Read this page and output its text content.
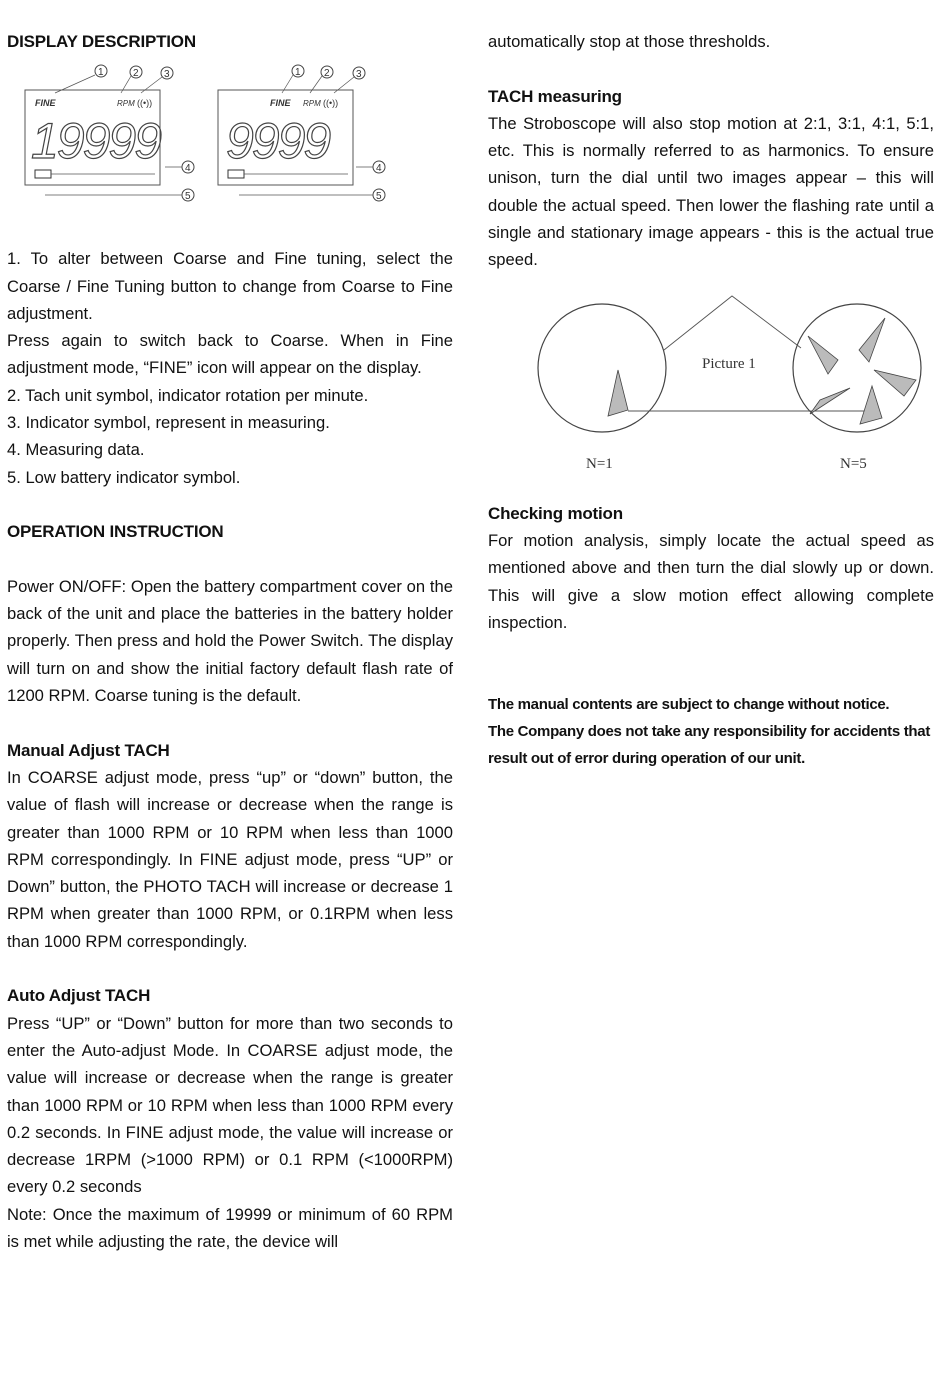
DISPLAY DESCRIPTION

FINE	RPM ((•))
19999
FINE RPM ((•))
9999
1	2	3
4
5
1 2	3
4
5

1. To alter between Coarse and Fine tuning, select the Coarse / Fine Tuning button to change from Coarse to Fine adjustment.

Press again to switch back to Coarse. When in Fine adjustment mode, “FINE” icon will appear on the display.

2. Tach unit symbol, indicator rotation per minute.

3. Indicator symbol, represent in measuring.

4. Measuring data.

5. Low battery indicator symbol.

OPERATION INSTRUCTION

Power ON/OFF: Open the battery compartment cover on the back of the unit and place the batteries in the battery holder properly. Then press and hold the Power Switch. The display will turn on and show the initial factory default flash rate of 1200 RPM. Coarse tuning is the default.

Manual Adjust TACH

In COARSE adjust mode, press “up” or “down” button, the value of flash will increase or decrease when the range is greater than 1000 RPM or 10 RPM when less than 1000 RPM correspondingly. In FINE adjust mode, press “UP” or Down” button, the PHOTO TACH will increase or decrease 1 RPM when greater than 1000 RPM, or 0.1RPM when less than 1000 RPM correspondingly.

Auto Adjust TACH

Press “UP” or “Down” button for more than two seconds to enter the Auto-adjust Mode. In COARSE adjust mode, the value will increase or decrease when the range is greater than 1000 RPM or 10 RPM when less than 1000 RPM every 0.2 seconds. In FINE adjust mode, the value will increase or decrease 1RPM (>1000 RPM) or 0.1 RPM (<1000RPM) every 0.2 seconds

Note: Once the maximum of 19999 or minimum of 60 RPM is met while adjusting the rate, the device will

automatically stop at those thresholds.

TACH measuring

The Stroboscope will also stop motion at 2:1, 3:1, 4:1, 5:1, etc. This is normally referred to as harmonics. To ensure unison, turn the dial until two images appear – this will double the actual speed. Then lower the flashing rate until a single and stationary image appears - this is the actual true speed.

Picture 1
N=1	N=5

Checking motion

For motion analysis, simply locate the actual speed as mentioned above and then turn the dial slowly up or down. This will give a slow motion effect allowing complete inspection.

The manual contents are subject to change without notice.

The Company does not take any responsibility for accidents that result out of error during operation of our unit.
